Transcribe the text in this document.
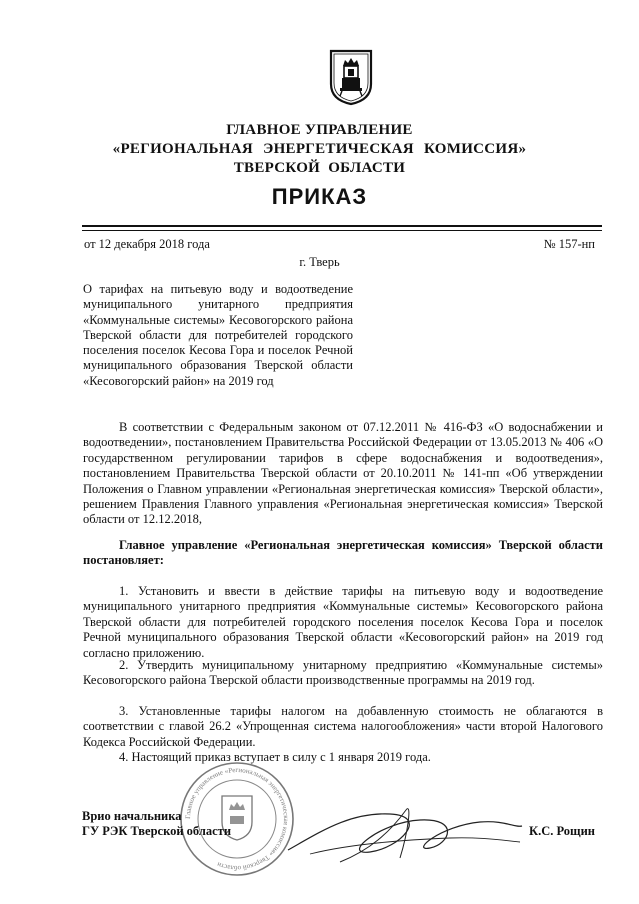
ГЛАВНОЕ УПРАВЛЕНИЕ
«РЕГИОНАЛЬНАЯ ЭНЕРГЕТИЧЕСКАЯ КОМИССИЯ»
ТВЕРСКОЙ ОБЛАСТИ
ПРИКАЗ
от 12 декабря 2018 года	№ 157-нп
г. Тверь
О тарифах на питьевую воду и водоотведение муниципального унитарного предприятия «Коммунальные системы» Кесовогорского района Тверской области для потребителей городского поселения поселок Кесова Гора и поселок Речной муниципального образования Тверской области «Кесовогорский район» на 2019 год

В соответствии с Федеральным законом от 07.12.2011 № 416-ФЗ «О водоснабжении и водоотведении», постановлением Правительства Российской Федерации от 13.05.2013 № 406 «О государственном регулировании тарифов в сфере водоснабжения и водоотведения», постановлением Правительства Тверской области от 20.10.2011 № 141-пп «Об утверждении Положения о Главном управлении «Региональная энергетическая комиссия» Тверской области», решением Правления Главного управления «Региональная энергетическая комиссия» Тверской области от 12.12.2018,

Главное управление «Региональная энергетическая комиссия» Тверской области постановляет:

1. Установить и ввести в действие тарифы на питьевую воду и водоотведение муниципального унитарного предприятия «Коммунальные системы» Кесовогорского района Тверской области для потребителей городского поселения поселок Кесова Гора и поселок Речной муниципального образования Тверской области «Кесовогорский район» на 2019 год согласно приложению.

2. Утвердить муниципальному унитарному предприятию «Коммунальные системы» Кесовогорского района Тверской области производственные программы на 2019 год.

3. Установленные тарифы налогом на добавленную стоимость не облагаются в соответствии с главой 26.2 «Упрощенная система налогообложения» части второй Налогового Кодекса Российской Федерации.

4. Настоящий приказ вступает в силу с 1 января 2019 года.

Главное управление «Региональная энергетическая комиссия» Тверской области
Врио начальника
ГУ РЭК Тверской области	К.С. Рощин
